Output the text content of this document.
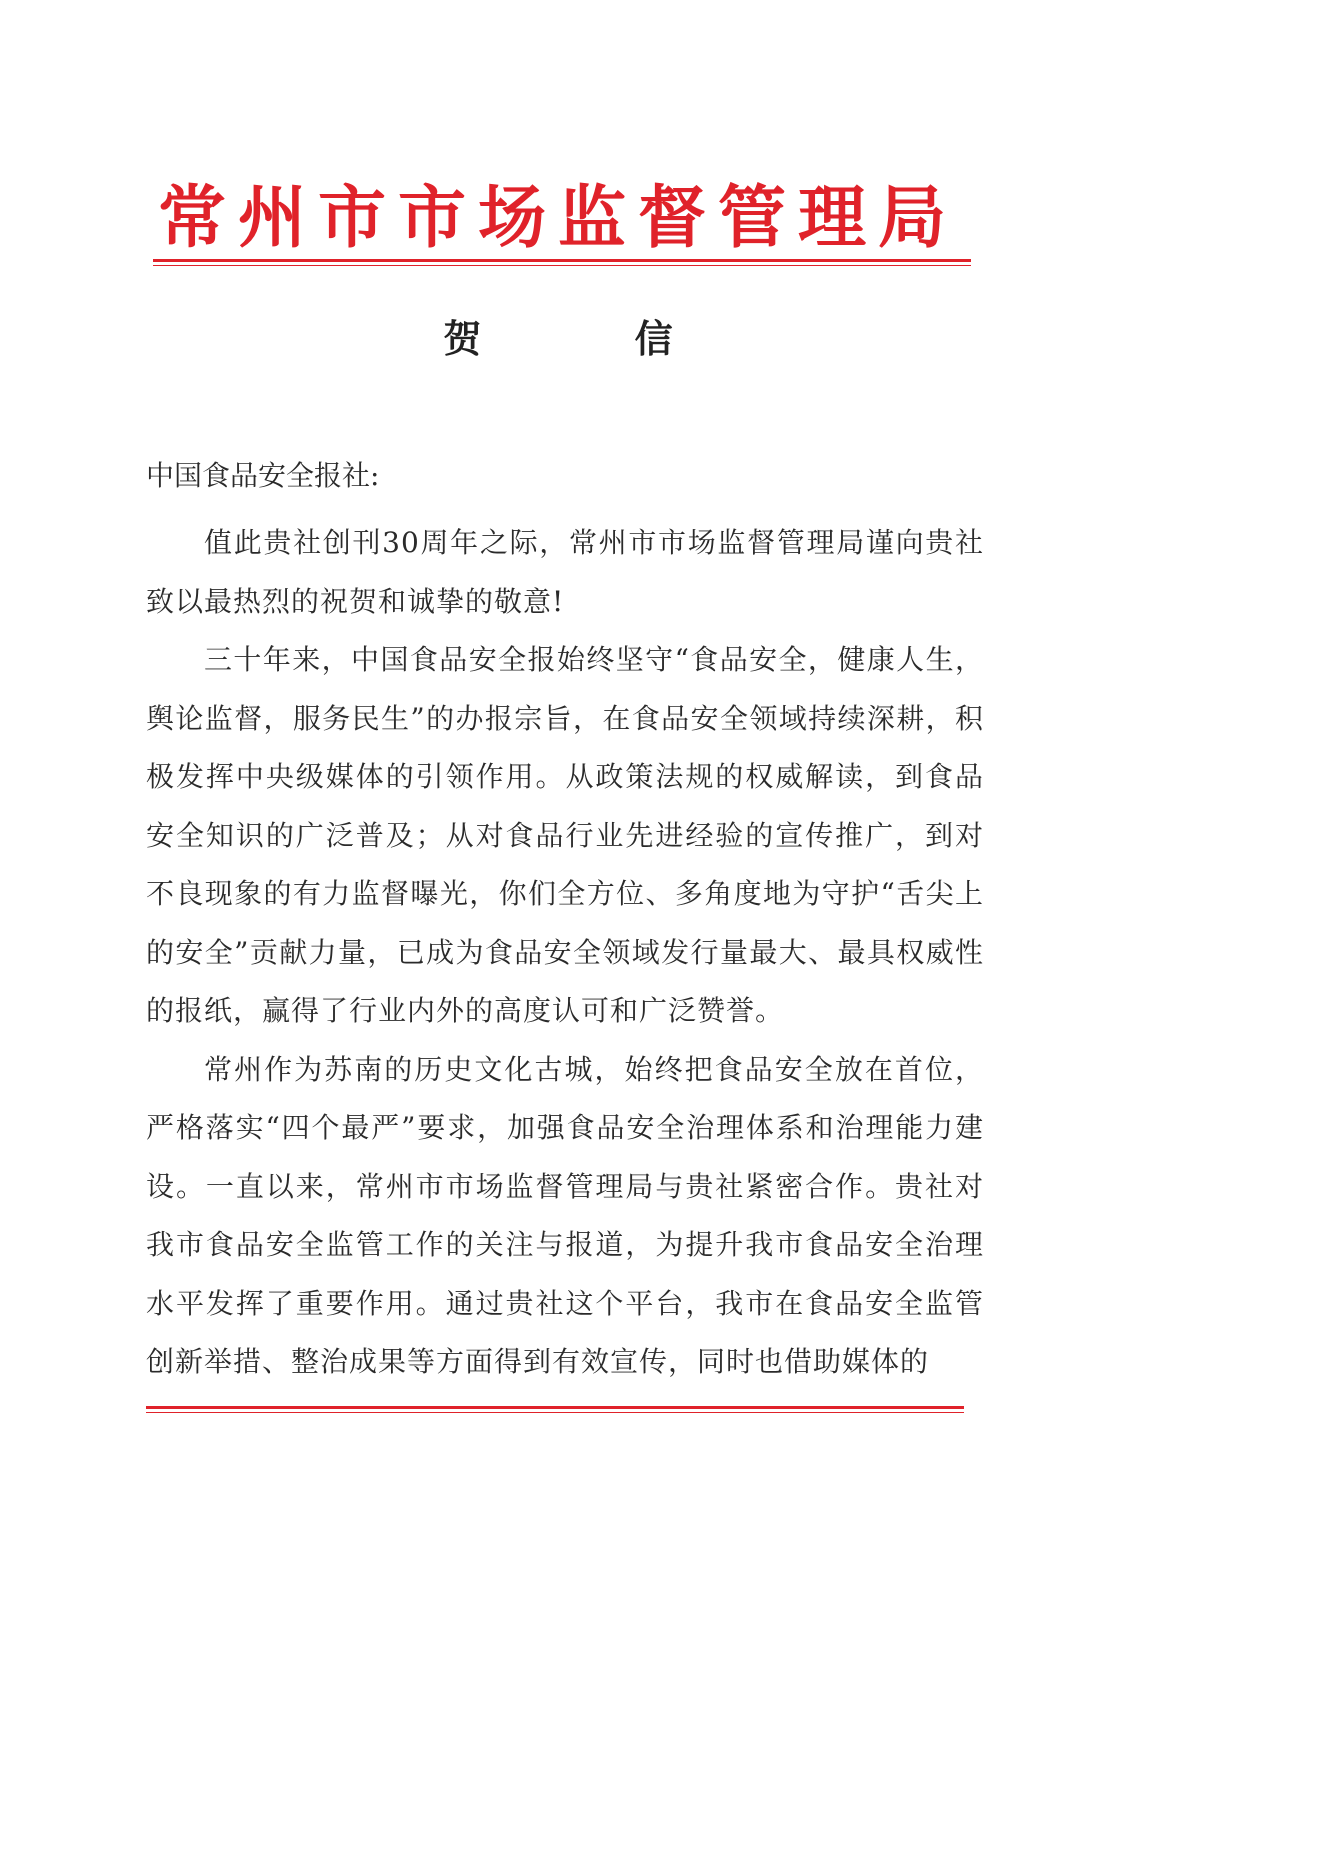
常州市市场监督管理局
贺 信
中国食品安全报社:

值此贵社创刊30周年之际，常州市市场监督管理局谨向贵社致以最热烈的祝贺和诚挚的敬意!

三十年来，中国食品安全报始终坚守“食品安全，健康人生，舆论监督，服务民生”的办报宗旨，在食品安全领域持续深耕，积极发挥中央级媒体的引领作用。从政策法规的权威解读，到食品安全知识的广泛普及；从对食品行业先进经验的宣传推广，到对不良现象的有力监督曝光，你们全方位、多角度地为守护“舌尖上的安全”贡献力量，已成为食品安全领域发行量最大、最具权威性的报纸，赢得了行业内外的高度认可和广泛赞誉。

常州作为苏南的历史文化古城，始终把食品安全放在首位，严格落实“四个最严”要求，加强食品安全治理体系和治理能力建设。一直以来，常州市市场监督管理局与贵社紧密合作。贵社对我市食品安全监管工作的关注与报道，为提升我市食品安全治理水平发挥了重要作用。通过贵社这个平台，我市在食品安全监管创新举措、整治成果等方面得到有效宣传，同时也借助媒体的
